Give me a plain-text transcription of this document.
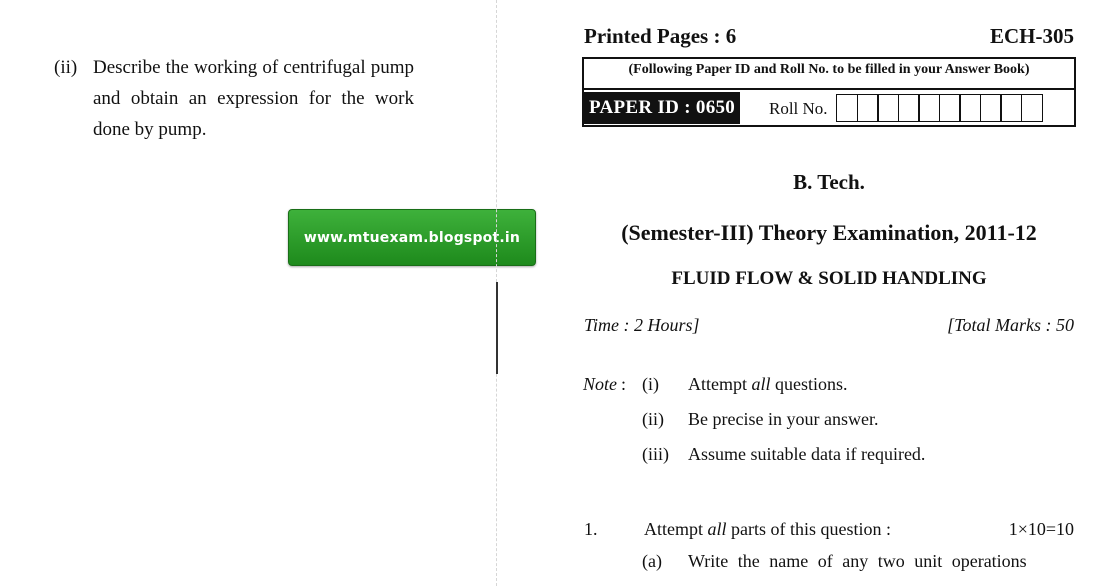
(ii) Describe the working of centrifugal pump and obtain an expression for the work done by pump.
www.mtuexam.blogspot.in
Printed Pages : 6	ECH-305
(Following Paper ID and Roll No. to be filled in your Answer Book)
PAPER ID : 0650 Roll No.
B. Tech.
(Semester-III) Theory Examination, 2011-12
FLUID FLOW & SOLID HANDLING
Time : 2 Hours]	[Total Marks : 50
Note : (i) Attempt all questions.
(ii) Be precise in your answer.
(iii) Assume suitable data if required.
1.	Attempt all parts of this question :	1×10=10
(a) Write the name of any two unit operations
